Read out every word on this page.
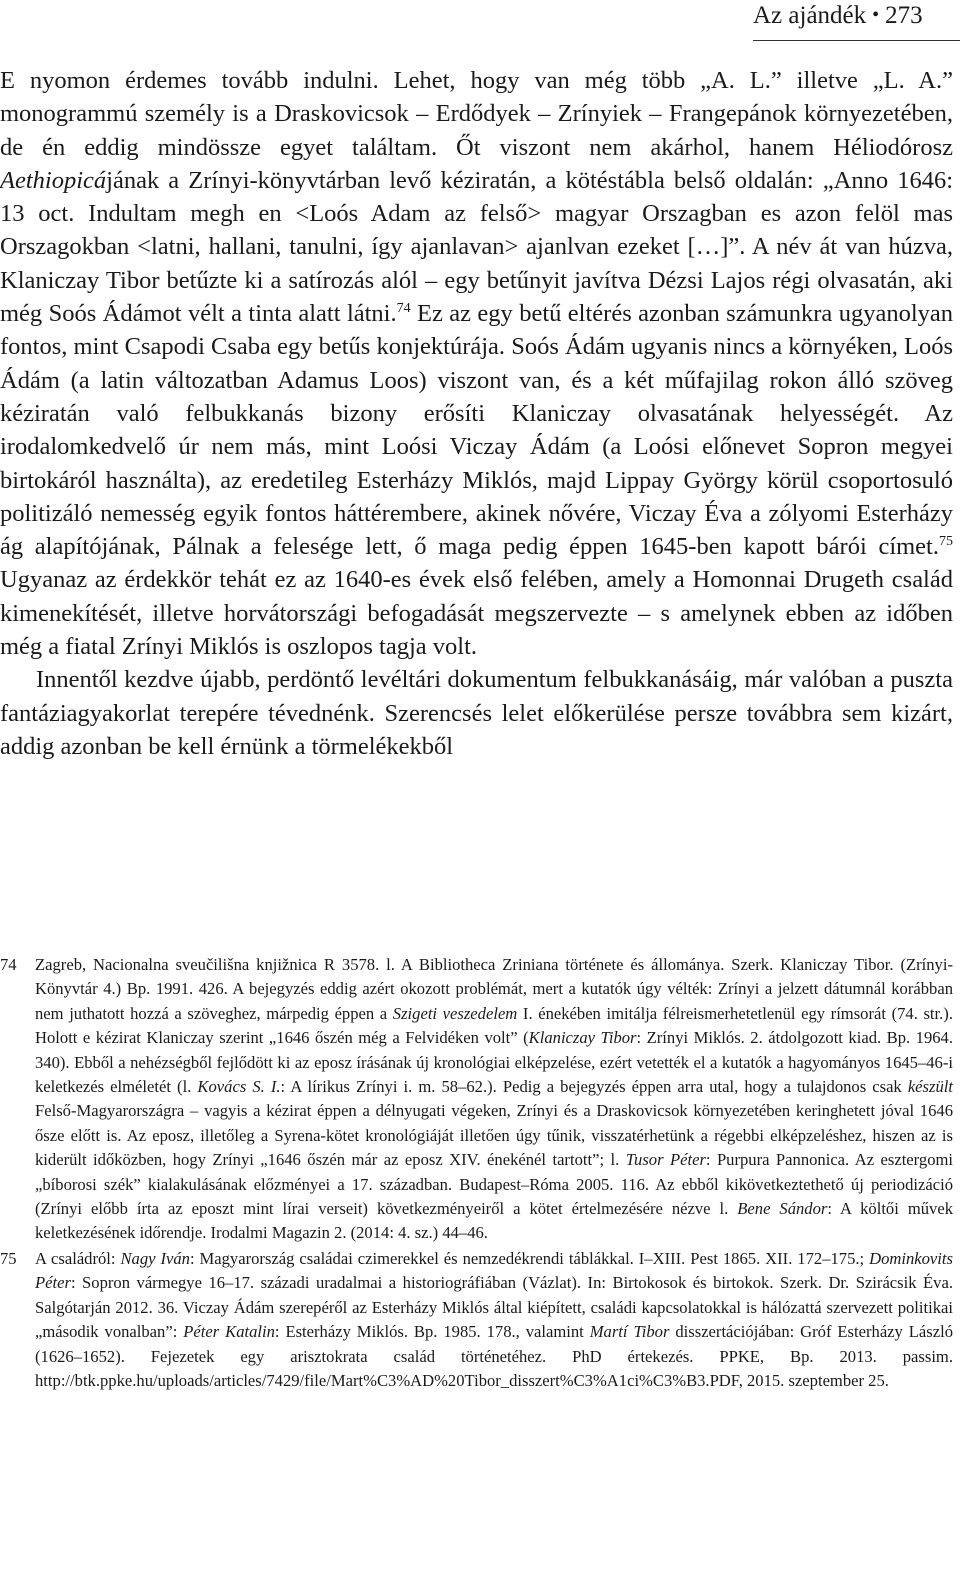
Az ajándék • 273

E nyomon érdemes tovább indulni. Lehet, hogy van még több „A. L.” illetve „L. A.” monogrammú személy is a Draskovicsok – Erdődyek – Zrínyiek – Frangepánok környezetében, de én eddig mindössze egyet találtam. Őt viszont nem akárhol, hanem Héliodórosz Aethiopicájának a Zrínyi-könyvtárban levő kéziratán, a kötéstábla belső oldalán: „Anno 1646: 13 oct. Indultam megh en <Loós Adam az felső> magyar Orszagban es azon felöl mas Orszagokban <latni, hallani, tanulni, így ajanlavan> ajanlvan ezeket […]”. A név át van húzva, Klaniczay Tibor betűzte ki a satírozás alól – egy betűnyit javítva Dézsi Lajos régi olvasatán, aki még Soós Ádámot vélt a tinta alatt látni.$^{74}$ Ez az egy betű eltérés azonban számunkra ugyanolyan fontos, mint Csapodi Csaba egy betűs konjektúrája. Soós Ádám ugyanis nincs a környéken, Loós Ádám (a latin változatban Adamus Loos) viszont van, és a két műfajilag rokon álló szöveg kéziratán való felbukkanás bizony erősíti Klaniczay olvasatának helyességét. Az irodalomkedvelő úr nem más, mint Loósi Viczay Ádám (a Loósi előnevet Sopron megyei birtokáról használta), az eredetileg Esterházy Miklós, majd Lippay György körül csoportosuló politizáló nemesség egyik fontos háttérembere, akinek nővére, Viczay Éva a zólyomi Esterházy ág alapítójának, Pálnak a felesége lett, ő maga pedig éppen 1645-ben kapott bárói címet.$^{75}$ Ugyanaz az érdekkör tehát ez az 1640-es évek első felében, amely a Homonnai Drugeth család kimenekítését, illetve horvátországi befogadását megszervezte – s amelynek ebben az időben még a fiatal Zrínyi Miklós is oszlopos tagja volt.

Innentől kezdve újabb, perdöntő levéltári dokumentum felbukkanásáig, már valóban a puszta fantáziagyakorlat terepére tévednénk. Szerencsés lelet előkerülése persze továbbra sem kizárt, addig azonban be kell érnünk a törmelékekből

74 Zagreb, Nacionalna sveučilišna knjižnica R 3578. l. A Bibliotheca Zriniana története és állománya. Szerk. Klaniczay Tibor. (Zrínyi-Könyvtár 4.) Bp. 1991. 426. A bejegyzés eddig azért okozott problémát, mert a kutatók úgy vélték: Zrínyi a jelzett dátumnál korábban nem juthatott hozzá a szöveghez, márpedig éppen a Szigeti veszedelem I. énekében imitálja félreismerhetetlenül egy rímsorát (74. str.). Holott e kézirat Klaniczay szerint „1646 őszén még a Felvidéken volt” (Klaniczay Tibor: Zrínyi Miklós. 2. átdolgozott kiad. Bp. 1964. 340). Ebből a nehézségből fejlődött ki az eposz írásának új kronológiai elképzelése, ezért vetették el a kutatók a hagyományos 1645–46-i keletkezés elméletét (l. Kovács S. I.: A lírikus Zrínyi i. m. 58–62.). Pedig a bejegyzés éppen arra utal, hogy a tulajdonos csak készült Felső-Magyarországra – vagyis a kézirat éppen a délnyugati végeken, Zrínyi és a Draskovicsok környezetében keringhetett jóval 1646 ősze előtt is. Az eposz, illetőleg a Syrena-kötet kronológiáját illetően úgy tűnik, visszatérhetünk a régebbi elképzeléshez, hiszen az is kiderült időközben, hogy Zrínyi „1646 őszén már az eposz XIV. énekénél tartott”; l. Tusor Péter: Purpura Pannonica. Az esztergomi „bíborosi szék” kialakulásának előzményei a 17. században. Budapest–Róma 2005. 116. Az ebből kikövetkeztethető új periodizáció (Zrínyi előbb írta az eposzt mint lírai verseit) következményeiről a kötet értelmezésére nézve l. Bene Sándor: A költői művek keletkezésének időrendje. Irodalmi Magazin 2. (2014: 4. sz.) 44–46.
75 A családról: Nagy Iván: Magyarország családai czimerekkel és nemzedékrendi táblákkal. I–XIII. Pest 1865. XII. 172–175.; Dominkovits Péter: Sopron vármegye 16–17. századi uradalmai a historiográfiában (Vázlat). In: Birtokosok és birtokok. Szerk. Dr. Szirácsik Éva. Salgótarján 2012. 36. Viczay Ádám szerepéről az Esterházy Miklós által kiépített, családi kapcsolatokkal is hálózattá szervezett politikai „második vonalban”: Péter Katalin: Esterházy Miklós. Bp. 1985. 178., valamint Martí Tibor disszertációjában: Gróf Esterházy László (1626–1652). Fejezetek egy arisztokrata család történetéhez. PhD értekezés. PPKE, Bp. 2013. passim. http://btk.ppke.hu/uploads/articles/7429/file/Mart%C3%AD%20Tibor_disszert%C3%A1ci%C3%B3.PDF, 2015. szeptember 25.
